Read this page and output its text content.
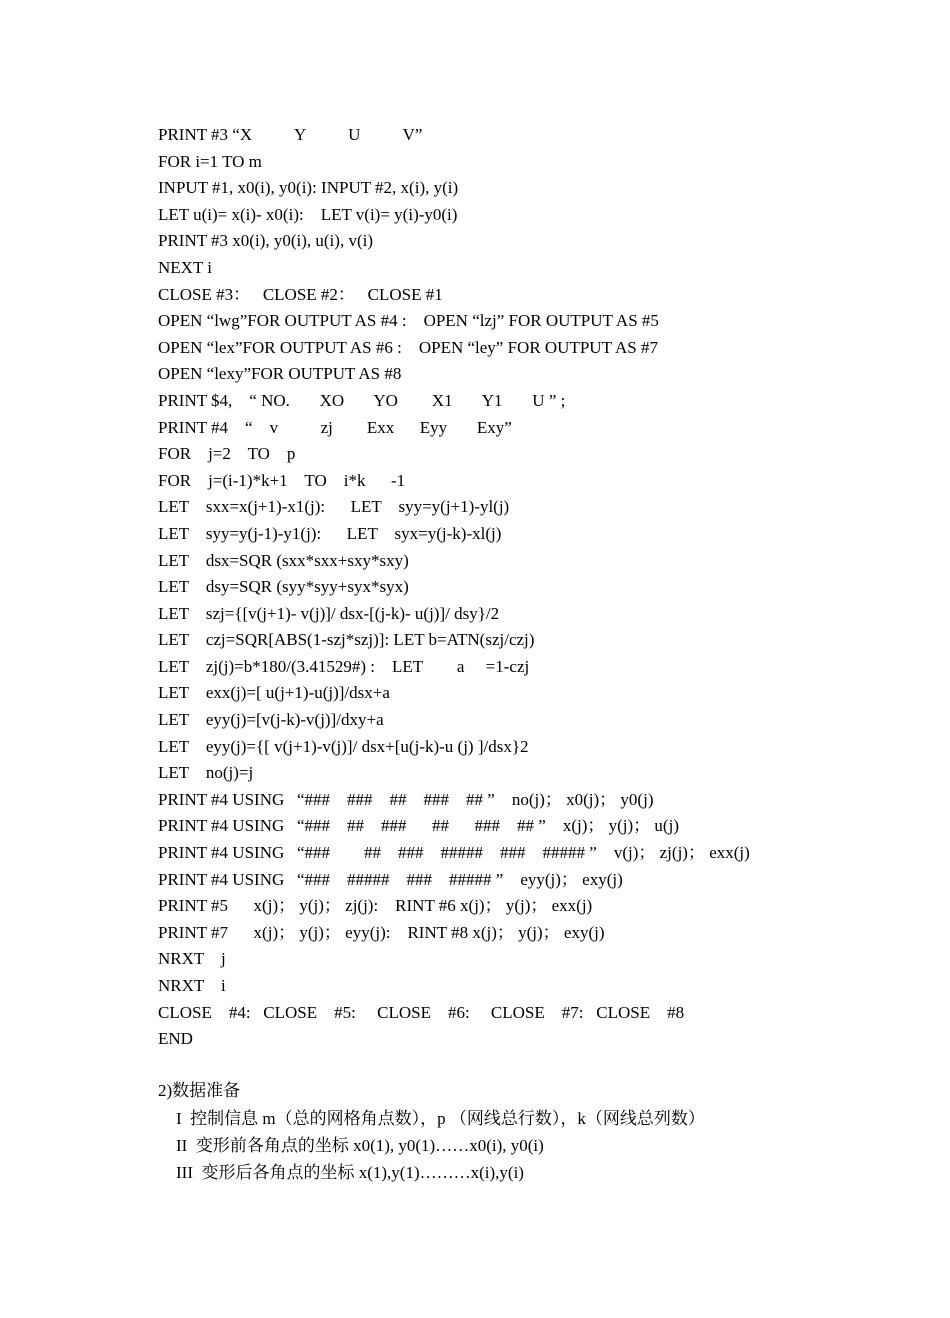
PRINT #3 “X          Y          U          V”
FOR i=1 TO m
INPUT #1, x0(i), y0(i): INPUT #2, x(i), y(i)
LET u(i)= x(i)- x0(i):    LET v(i)= y(i)-y0(i)
PRINT #3 x0(i), y0(i), u(i), v(i)
NEXT i
CLOSE #3：   CLOSE #2：   CLOSE #1
OPEN “lwg”FOR OUTPUT AS #4 :    OPEN “lzj” FOR OUTPUT AS #5
OPEN “lex”FOR OUTPUT AS #6 :    OPEN “ley” FOR OUTPUT AS #7
OPEN “lexy”FOR OUTPUT AS #8
PRINT $4,    “ NO.       XO       YO        X1       Y1       U ” ;
PRINT #4    “    v          zj        Exx      Eyy       Exy”
FOR    j=2    TO    p
FOR    j=(i-1)*k+1    TO    i*k      -1
LET    sxx=x(j+1)-x1(j):      LET    syy=y(j+1)-yl(j)
LET    syy=y(j-1)-y1(j):      LET    syx=y(j-k)-xl(j)
LET    dsx=SQR (sxx*sxx+sxy*sxy)
LET    dsy=SQR (syy*syy+syx*syx)
LET    szj={[v(j+1)- v(j)]/ dsx-[(j-k)- u(j)]/ dsy}/2
LET    czj=SQR[ABS(1-szj*szj)]: LET b=ATN(szj/czj)
LET    zj(j)=b*180/(3.41529#) :    LET        a     =1-czj
LET    exx(j)=[ u(j+1)-u(j)]/dsx+a
LET    eyy(j)=[v(j-k)-v(j)]/dxy+a
LET    eyy(j)={[ v(j+1)-v(j)]/ dsx+[u(j-k)-u (j) ]/dsx}2
LET    no(j)=j
PRINT #4 USING   “###    ###    ##    ###    ## ”    no(j)； x0(j)； y0(j)
PRINT #4 USING   “###    ##    ###      ##      ###    ## ”    x(j)； y(j)； u(j)
PRINT #4 USING   “###        ##    ###    #####    ###    ##### ”    v(j)； zj(j)； exx(j)
PRINT #4 USING   “###    #####    ###    ##### ”    eyy(j)； exy(j)
PRINT #5      x(j)； y(j)； zj(j):    RINT #6 x(j)； y(j)； exx(j)
PRINT #7      x(j)； y(j)； eyy(j):    RINT #8 x(j)； y(j)； exy(j)
NRXT    j
NRXT    i
CLOSE    #4:   CLOSE    #5:     CLOSE    #6:     CLOSE    #7:   CLOSE    #8
END
2)数据准备
I  控制信息 m（总的网格角点数），p （网线总行数），k（网线总列数）
II  变形前各角点的坐标 x0(1), y0(1)……x0(i), y0(i)
III  变形后各角点的坐标 x(1),y(1)………x(i),y(i)
